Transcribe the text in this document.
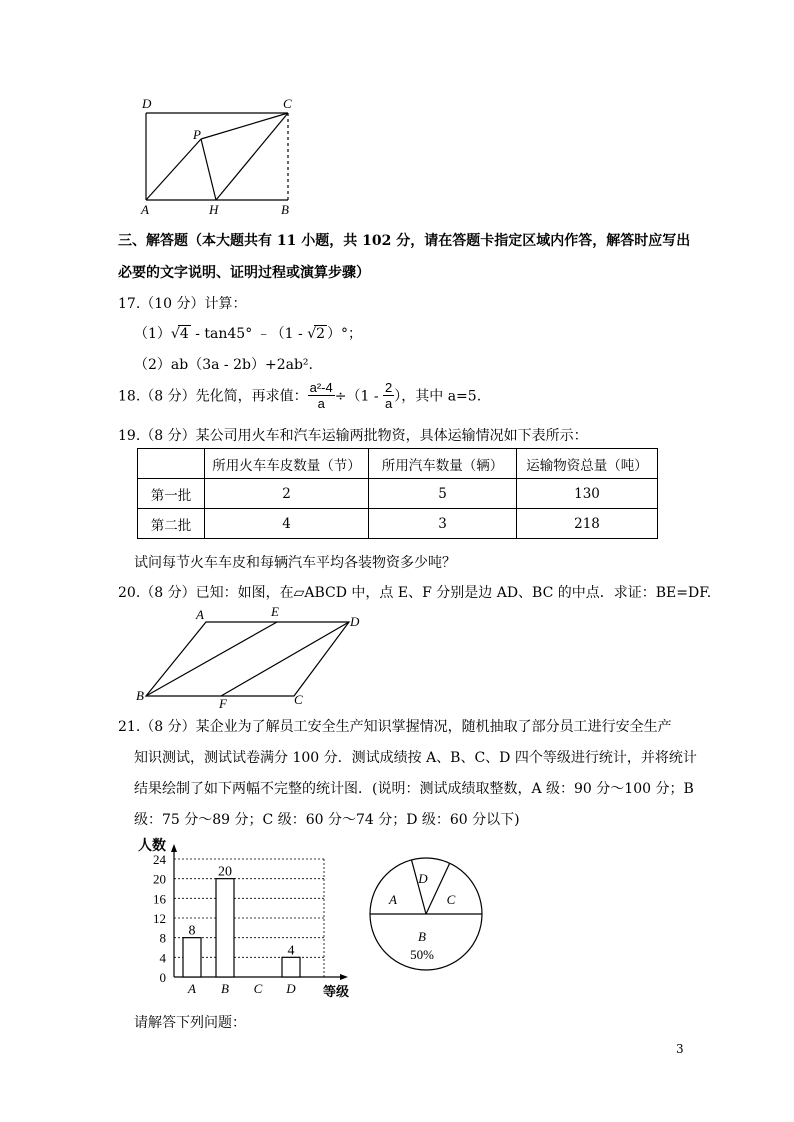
D	C
P
A	H	B
三、解答题（本大题共有 11 小题，共 102 分，请在答题卡指定区域内作答，解答时应写出
必要的文字说明、证明过程或演算步骤）
17.（10 分）计算：
（1）√4 - tan45° ﹣（1 - √2 ）°；
（2）ab（3a - 2b）+2ab².
18.（8 分）先化简，再求值： $\frac{\text{a²-4}}{a} \div(1 - \frac{2}{a}$ ），其中 a=5.
19.（8 分）某公司用火车和汽车运输两批物资，具体运输情况如下表所示：
	所用火车车皮数量（节）	所用汽车数量（辆）	运输物资总量（吨）
第一批	2	5	130
第二批	4	3	218
试问每节火车车皮和每辆汽车平均各装物资多少吨？
20.（8 分）已知：如图，在▱ABCD 中，点 E、F 分别是边 AD、BC 的中点．求证：BE=DF.
A	E
D
B
F	C
21.（8 分）某企业为了解员工安全生产知识掌握情况，随机抽取了部分员工进行安全生产
知识测试，测试试卷满分 100 分．测试成绩按 A、B、C、D 四个等级进行统计，并将统计
结果绘制了如下两幅不完整的统计图．(说明：测试成绩取整数，A 级：90 分～100 分；B
级：75 分～89 分；C 级：60 分～74 分；D 级：60 分以下)
0
4
8
12
16
20
24
人数
等级
8
A
20
B C
4
D
A
D
C
B
50%
请解答下列问题：
3
